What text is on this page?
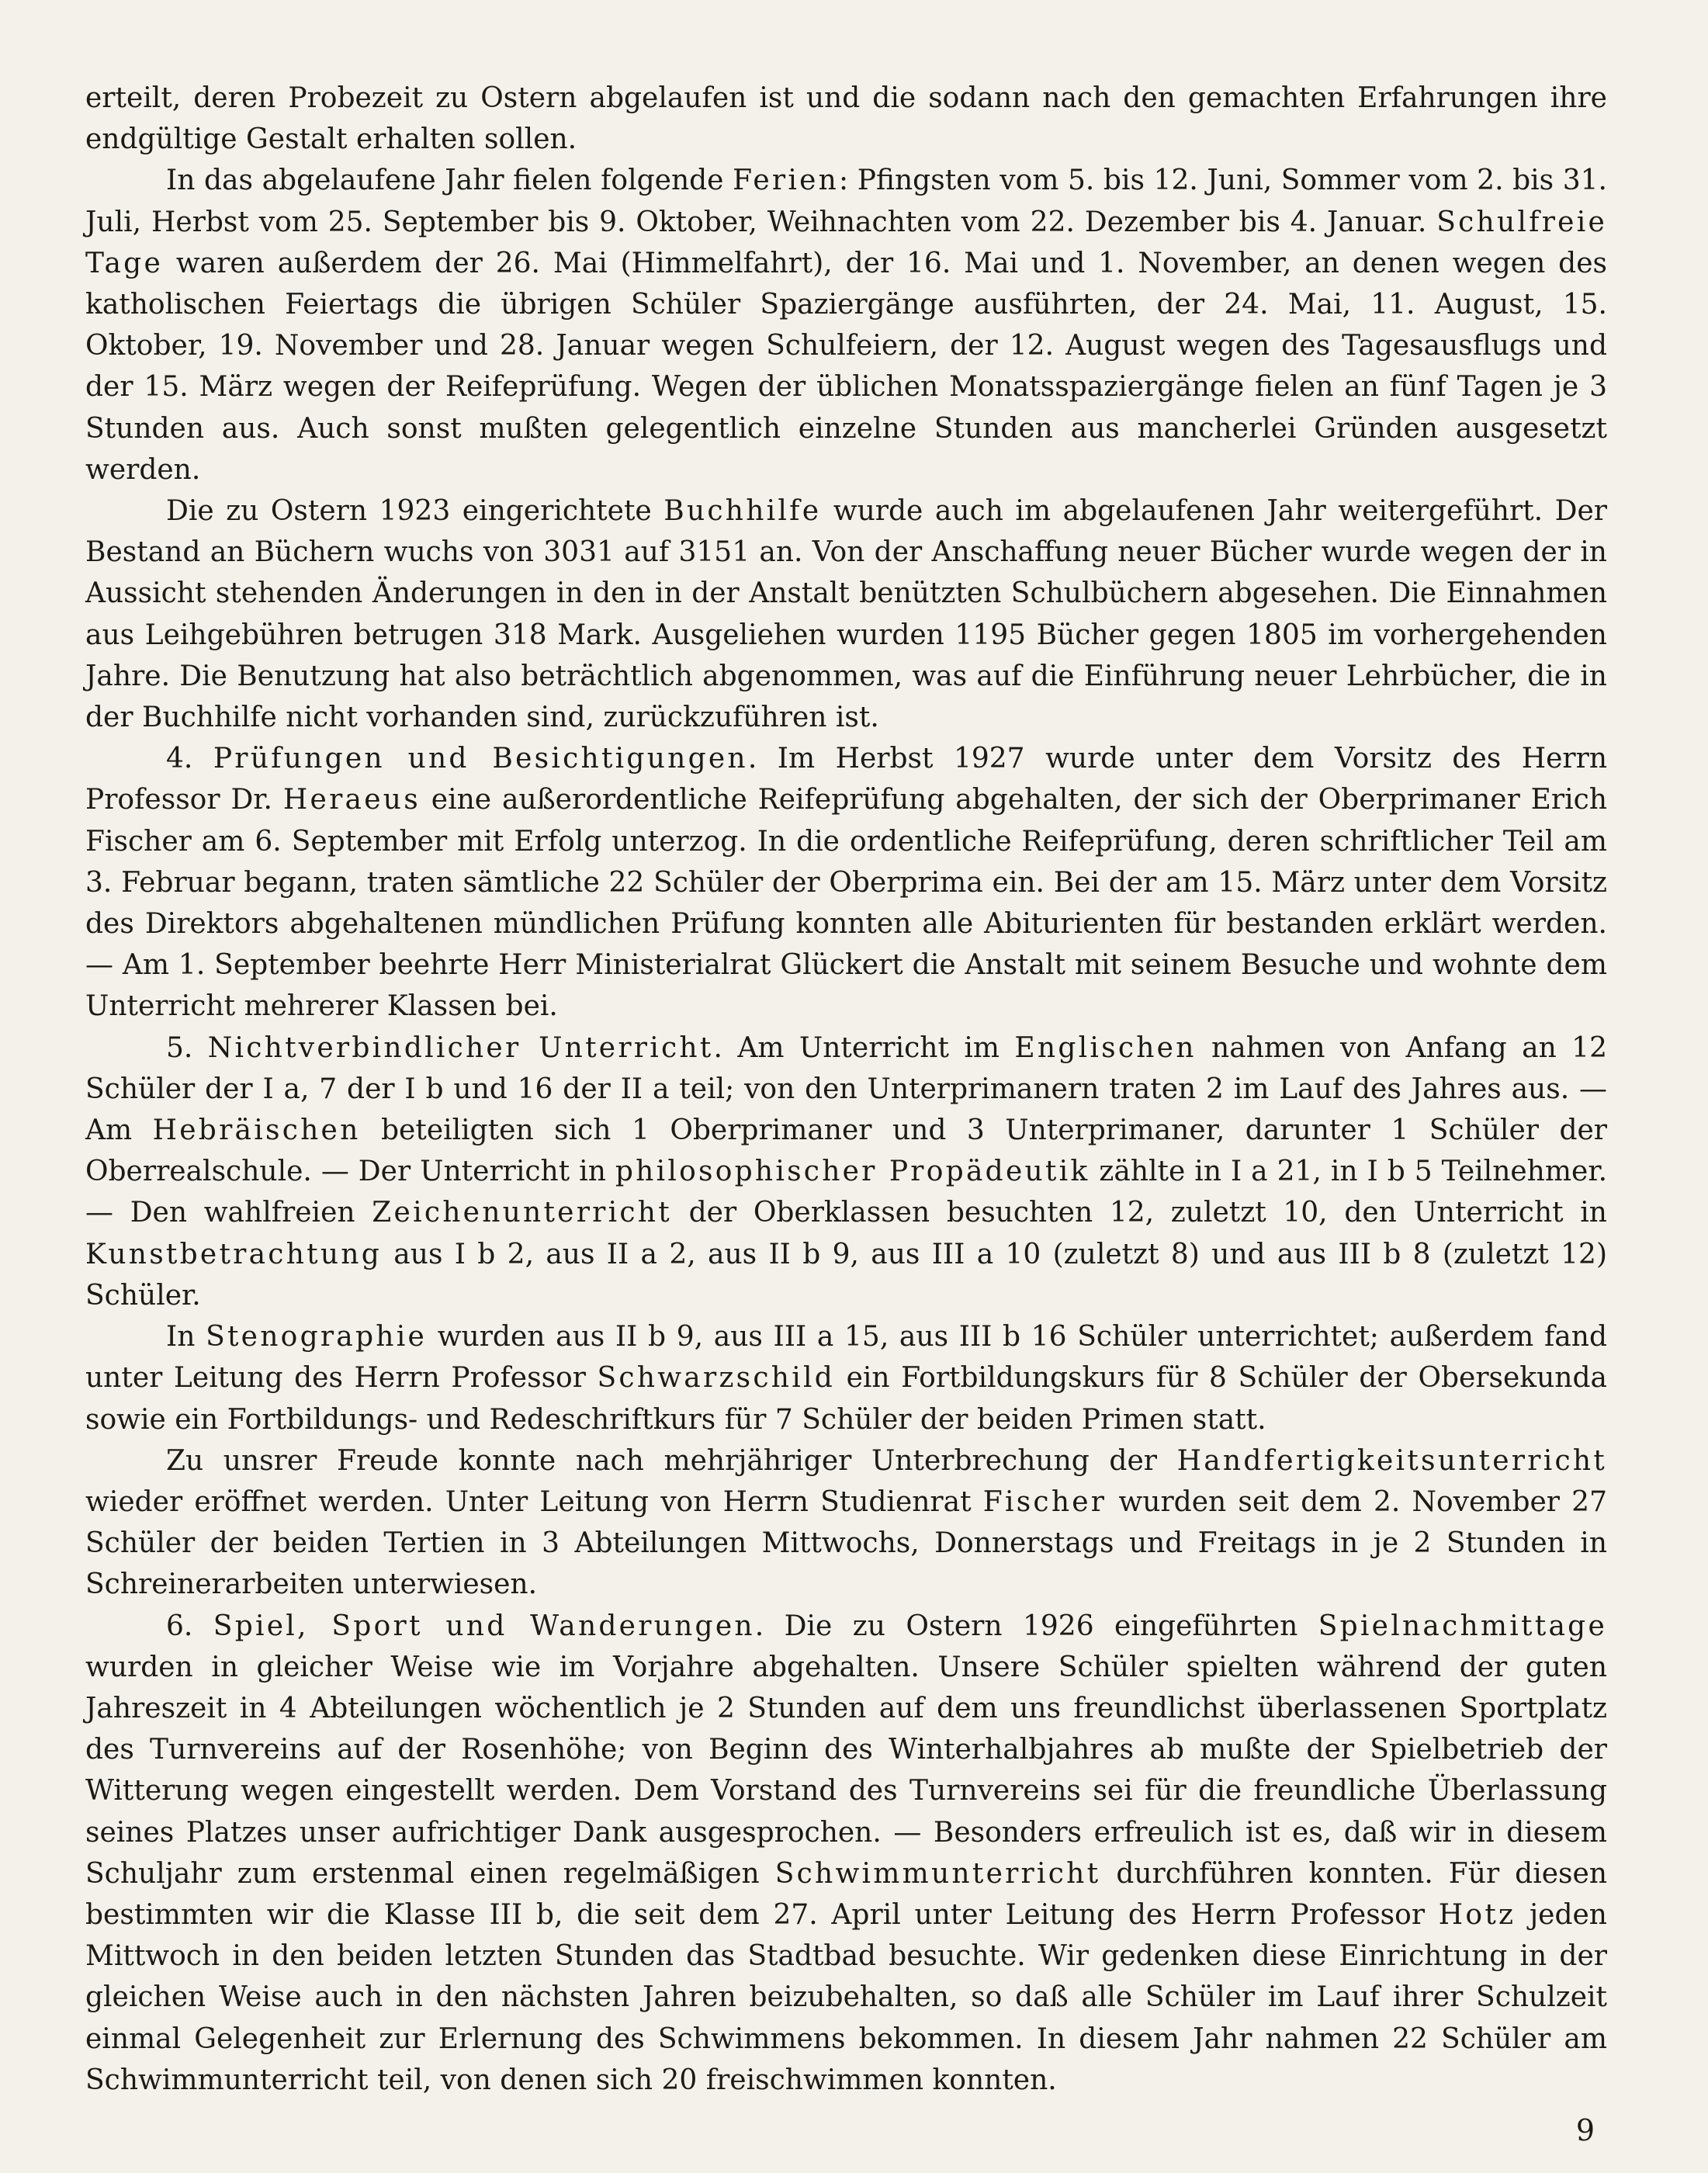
erteilt, deren Probezeit zu Ostern abgelaufen ist und die sodann nach den gemachten Erfahrungen ihre endgültige Gestalt erhalten sollen.

In das abgelaufene Jahr fielen folgende Ferien: Pfingsten vom 5. bis 12. Juni, Sommer vom 2. bis 31. Juli, Herbst vom 25. September bis 9. Oktober, Weihnachten vom 22. Dezember bis 4. Januar. Schulfreie Tage waren außerdem der 26. Mai (Himmelfahrt), der 16. Mai und 1. November, an denen wegen des katholischen Feiertags die übrigen Schüler Spaziergänge ausführten, der 24. Mai, 11. August, 15. Oktober, 19. November und 28. Januar wegen Schulfeiern, der 12. August wegen des Tagesausflugs und der 15. März wegen der Reifeprüfung. Wegen der üblichen Monatsspaziergänge fielen an fünf Tagen je 3 Stunden aus. Auch sonst mußten gelegentlich einzelne Stunden aus mancherlei Gründen ausgesetzt werden.

Die zu Ostern 1923 eingerichtete Buchhilfe wurde auch im abgelaufenen Jahr weitergeführt. Der Bestand an Büchern wuchs von 3031 auf 3151 an. Von der Anschaffung neuer Bücher wurde wegen der in Aussicht stehenden Änderungen in den in der Anstalt benützten Schulbüchern abgesehen. Die Einnahmen aus Leihgebühren betrugen 318 Mark. Ausgeliehen wurden 1195 Bücher gegen 1805 im vorhergehenden Jahre. Die Benutzung hat also beträchtlich abgenommen, was auf die Einführung neuer Lehrbücher, die in der Buchhilfe nicht vorhanden sind, zurückzuführen ist.

4. Prüfungen und Besichtigungen. Im Herbst 1927 wurde unter dem Vorsitz des Herrn Professor Dr. Heraeus eine außerordentliche Reifeprüfung abgehalten, der sich der Oberprimaner Erich Fischer am 6. September mit Erfolg unterzog. In die ordentliche Reifeprüfung, deren schriftlicher Teil am 3. Februar begann, traten sämtliche 22 Schüler der Oberprima ein. Bei der am 15. März unter dem Vorsitz des Direktors abgehaltenen mündlichen Prüfung konnten alle Abiturienten für bestanden erklärt werden. — Am 1. September beehrte Herr Ministerialrat Glückert die Anstalt mit seinem Besuche und wohnte dem Unterricht mehrerer Klassen bei.

5. Nichtverbindlicher Unterricht. Am Unterricht im Englischen nahmen von Anfang an 12 Schüler der I a, 7 der I b und 16 der II a teil; von den Unterprimanern traten 2 im Lauf des Jahres aus. — Am Hebräischen beteiligten sich 1 Oberprimaner und 3 Unterprimaner, darunter 1 Schüler der Oberrealschule. — Der Unterricht in philosophischer Propädeutik zählte in I a 21, in I b 5 Teilnehmer. — Den wahlfreien Zeichenunterricht der Oberklassen besuchten 12, zuletzt 10, den Unterricht in Kunstbetrachtung aus I b 2, aus II a 2, aus II b 9, aus III a 10 (zuletzt 8) und aus III b 8 (zuletzt 12) Schüler.

In Stenographie wurden aus II b 9, aus III a 15, aus III b 16 Schüler unterrichtet; außerdem fand unter Leitung des Herrn Professor Schwarzschild ein Fortbildungskurs für 8 Schüler der Obersekunda sowie ein Fortbildungs- und Redeschriftkurs für 7 Schüler der beiden Primen statt.

Zu unsrer Freude konnte nach mehrjähriger Unterbrechung der Handfertigkeitsunterricht wieder eröffnet werden. Unter Leitung von Herrn Studienrat Fischer wurden seit dem 2. November 27 Schüler der beiden Tertien in 3 Abteilungen Mittwochs, Donnerstags und Freitags in je 2 Stunden in Schreinerarbeiten unterwiesen.

6. Spiel, Sport und Wanderungen. Die zu Ostern 1926 eingeführten Spielnachmittage wurden in gleicher Weise wie im Vorjahre abgehalten. Unsere Schüler spielten während der guten Jahreszeit in 4 Abteilungen wöchentlich je 2 Stunden auf dem uns freundlichst überlassenen Sportplatz des Turnvereins auf der Rosenhöhe; von Beginn des Winterhalbjahres ab mußte der Spielbetrieb der Witterung wegen eingestellt werden. Dem Vorstand des Turnvereins sei für die freundliche Überlassung seines Platzes unser aufrichtiger Dank ausgesprochen. — Besonders erfreulich ist es, daß wir in diesem Schuljahr zum erstenmal einen regelmäßigen Schwimmunterricht durchführen konnten. Für diesen bestimmten wir die Klasse III b, die seit dem 27. April unter Leitung des Herrn Professor Hotz jeden Mittwoch in den beiden letzten Stunden das Stadtbad besuchte. Wir gedenken diese Einrichtung in der gleichen Weise auch in den nächsten Jahren beizubehalten, so daß alle Schüler im Lauf ihrer Schulzeit einmal Gelegenheit zur Erlernung des Schwimmens bekommen. In diesem Jahr nahmen 22 Schüler am Schwimmunterricht teil, von denen sich 20 freischwimmen konnten.

9
